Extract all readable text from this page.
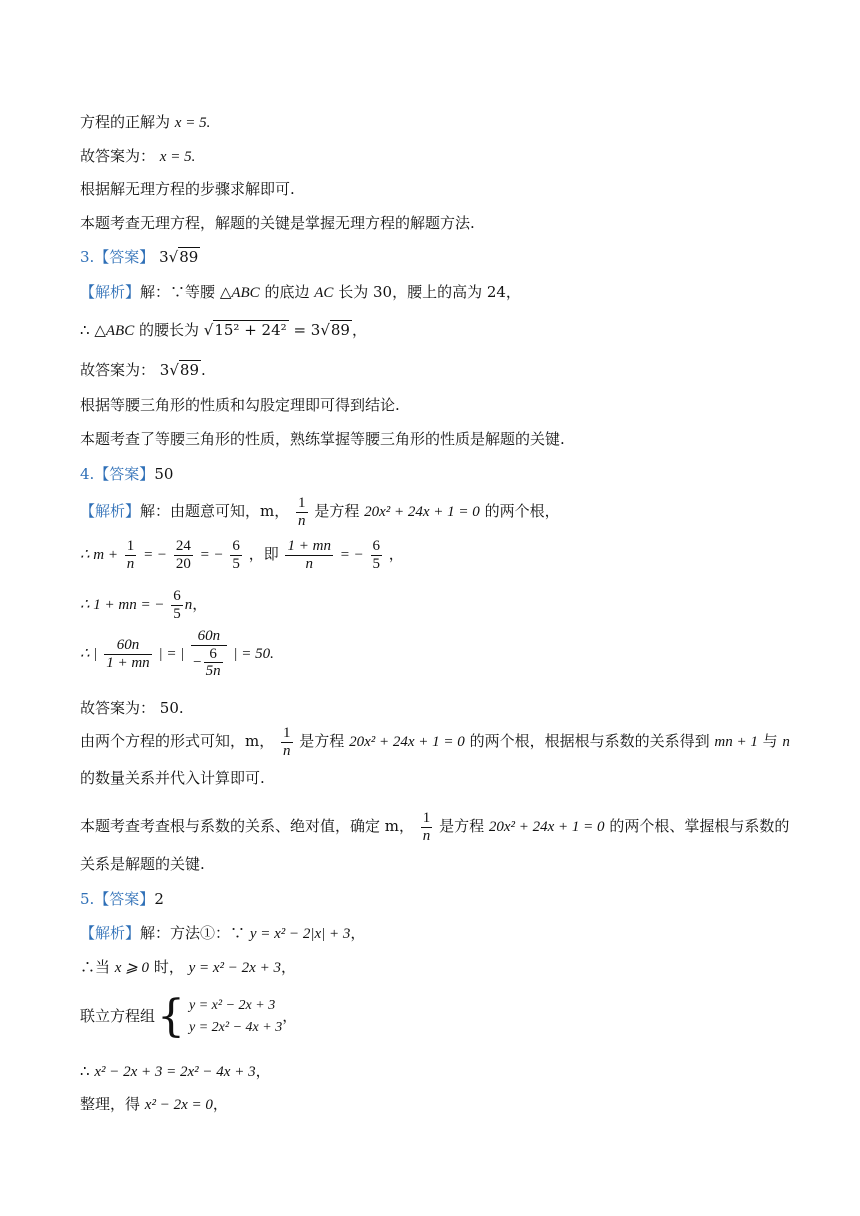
方程的正解为 x = 5.
故答案为： x = 5.
根据解无理方程的步骤求解即可.
本题考查无理方程，解题的关键是掌握无理方程的解题方法.
3.【答案】 3√89
【解析】解：∵等腰 △ABC 的底边 AC 长为 30，腰上的高为 24，
∴ △ABC 的腰长为 √15² + 24² = 3√89 ，
故答案为： 3√89 .
根据等腰三角形的性质和勾股定理即可得到结论.
本题考查了等腰三角形的性质，熟练掌握等腰三角形的性质是解题的关键.
4.【答案】50
【解析】解：由题意可知，m， $\frac{1}{n}$ 是方程 20x² + 24x + 1 = 0 的两个根，
∴ $m + \frac{1}{n}$ = − $\frac{24}{20}$ = − $\frac{6}{5}$ ，即 $\frac{1 + mn}{n}$ = − $\frac{6}{5}$ ，
∴ 1 + mn = − $\frac{6}{5}$ n，
∴ | $\frac{60n}{1 + mn}$ | = | $\frac{60n}{- \frac{6}{5n}}$ | = 50.
故答案为： 50.
由两个方程的形式可知，m， $\frac{1}{n}$ 是方程 20x² + 24x + 1 = 0 的两个根，根据根与系数的关系得到 mn + 1 与 n
的数量关系并代入计算即可.
本题考查考查根与系数的关系、绝对值，确定 m， $\frac{1}{n}$ 是方程 20x² + 24x + 1 = 0 的两个根、掌握根与系数的
关系是解题的关键.
5.【答案】2
【解析】解：方法①：∵ y = x² − 2|x| + 3，
∴当 x ⩾ 0 时， y = x² − 2x + 3，
联立方程组{ y = x² − 2x + 3
y = 2x² − 4x + 3
，
∴ x² − 2x + 3 = 2x² − 4x + 3，
整理，得 x² − 2x = 0，
